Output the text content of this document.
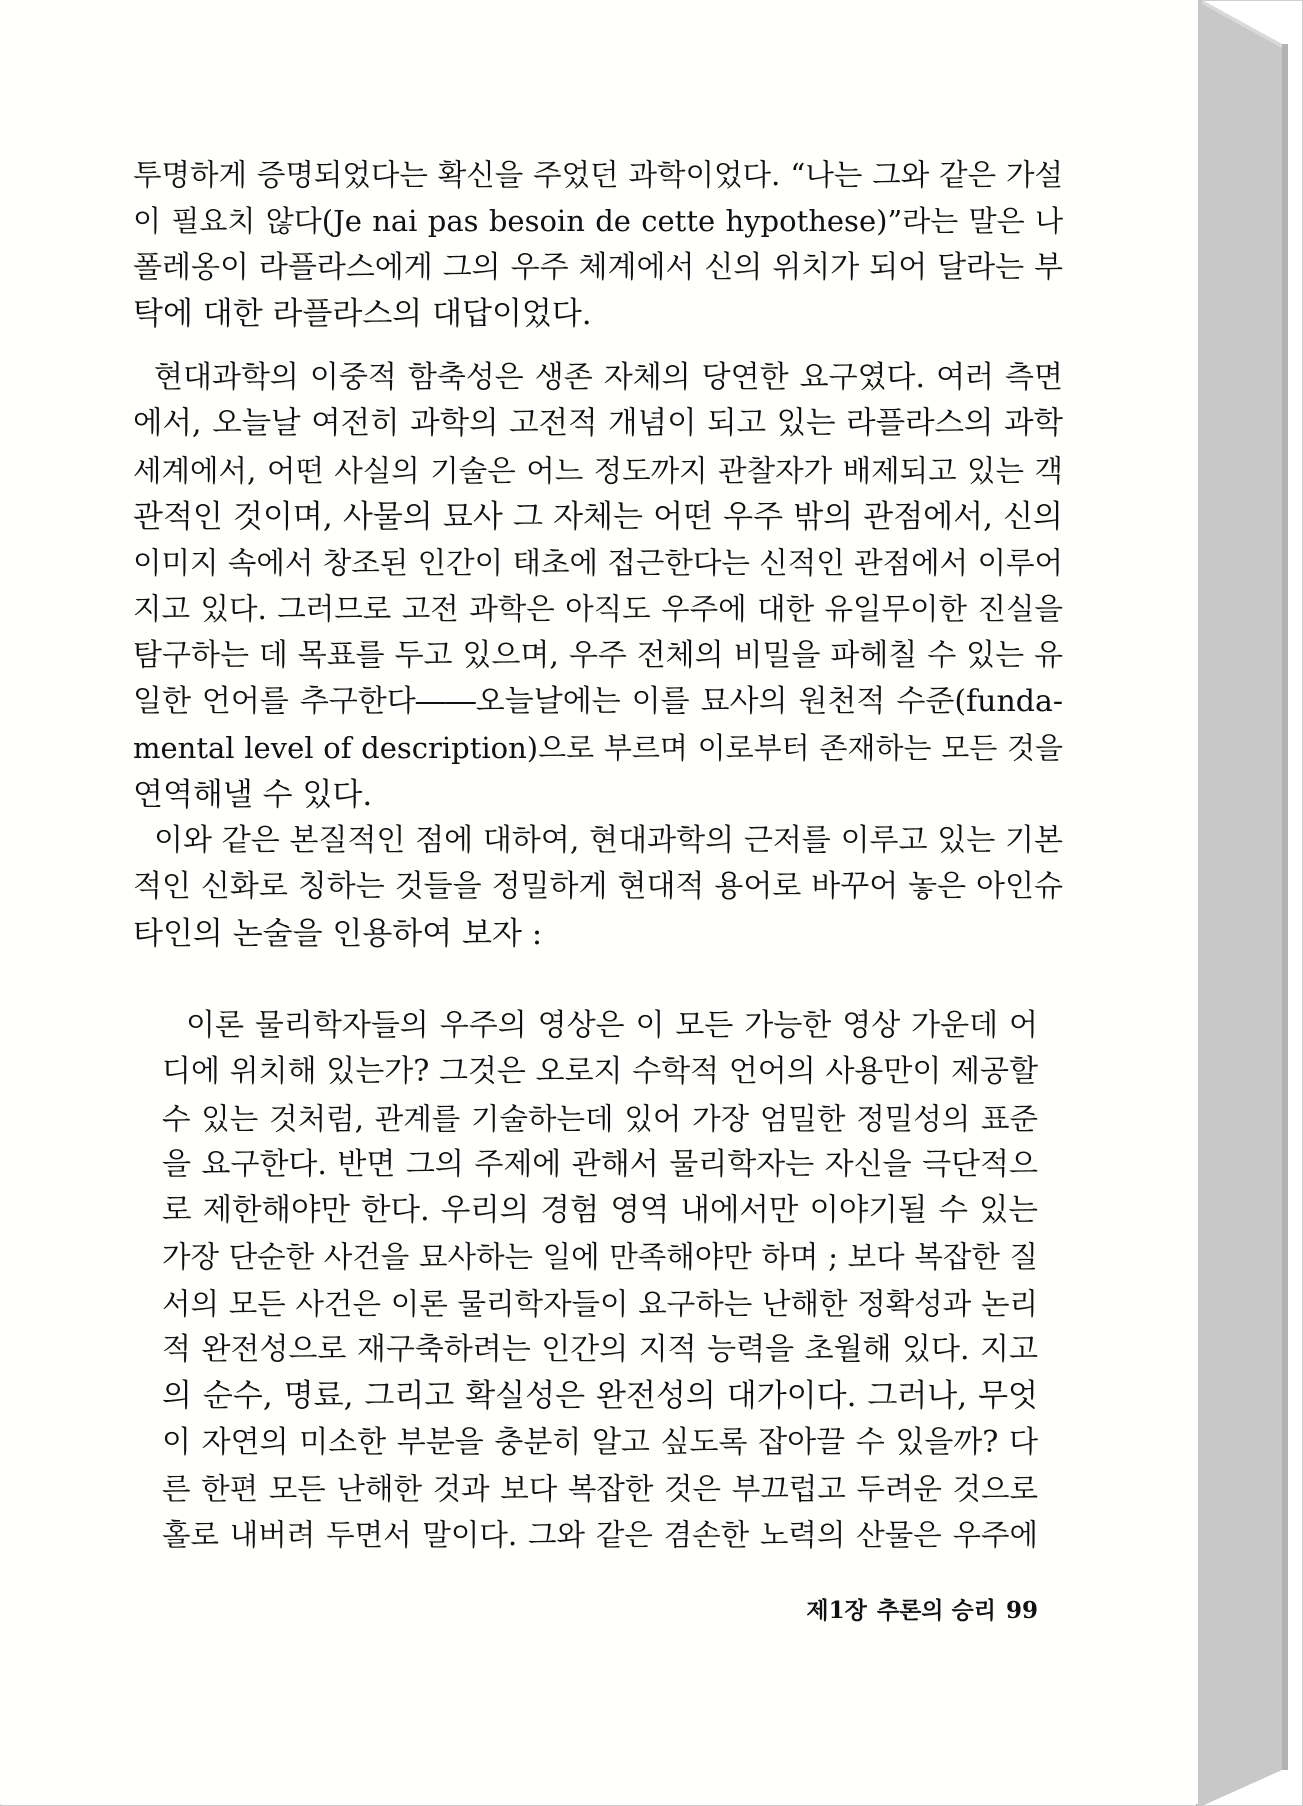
투명하게 증명되었다는 확신을 주었던 과학이었다. “나는 그와 같은 가설
이 필요치 않다(Je nai pas besoin de cette hypothese)”라는 말은 나
폴레옹이 라플라스에게 그의 우주 체계에서 신의 위치가 되어 달라는 부
탁에 대한 라플라스의 대답이었다.
현대과학의 이중적 함축성은 생존 자체의 당연한 요구였다. 여러 측면
에서, 오늘날 여전히 과학의 고전적 개념이 되고 있는 라플라스의 과학
세계에서, 어떤 사실의 기술은 어느 정도까지 관찰자가 배제되고 있는 객
관적인 것이며, 사물의 묘사 그 자체는 어떤 우주 밖의 관점에서, 신의
이미지 속에서 창조된 인간이 태초에 접근한다는 신적인 관점에서 이루어
지고 있다. 그러므로 고전 과학은 아직도 우주에 대한 유일무이한 진실을
탐구하는 데 목표를 두고 있으며, 우주 전체의 비밀을 파헤칠 수 있는 유
일한 언어를 추구한다――오늘날에는 이를 묘사의 원천적 수준(funda-
mental level of description)으로 부르며 이로부터 존재하는 모든 것을
연역해낼 수 있다.
이와 같은 본질적인 점에 대하여, 현대과학의 근저를 이루고 있는 기본
적인 신화로 칭하는 것들을 정밀하게 현대적 용어로 바꾸어 놓은 아인슈
타인의 논술을 인용하여 보자 :
이론 물리학자들의 우주의 영상은 이 모든 가능한 영상 가운데 어
디에 위치해 있는가? 그것은 오로지 수학적 언어의 사용만이 제공할
수 있는 것처럼, 관계를 기술하는데 있어 가장 엄밀한 정밀성의 표준
을 요구한다. 반면 그의 주제에 관해서 물리학자는 자신을 극단적으
로 제한해야만 한다. 우리의 경험 영역 내에서만 이야기될 수 있는
가장 단순한 사건을 묘사하는 일에 만족해야만 하며 ; 보다 복잡한 질
서의 모든 사건은 이론 물리학자들이 요구하는 난해한 정확성과 논리
적 완전성으로 재구축하려는 인간의 지적 능력을 초월해 있다. 지고
의 순수, 명료, 그리고 확실성은 완전성의 대가이다. 그러나, 무엇
이 자연의 미소한 부분을 충분히 알고 싶도록 잡아끌 수 있을까? 다
른 한편 모든 난해한 것과 보다 복잡한 것은 부끄럽고 두려운 것으로
홀로 내버려 두면서 말이다. 그와 같은 겸손한 노력의 산물은 우주에
제1장 추론의 승리 99
